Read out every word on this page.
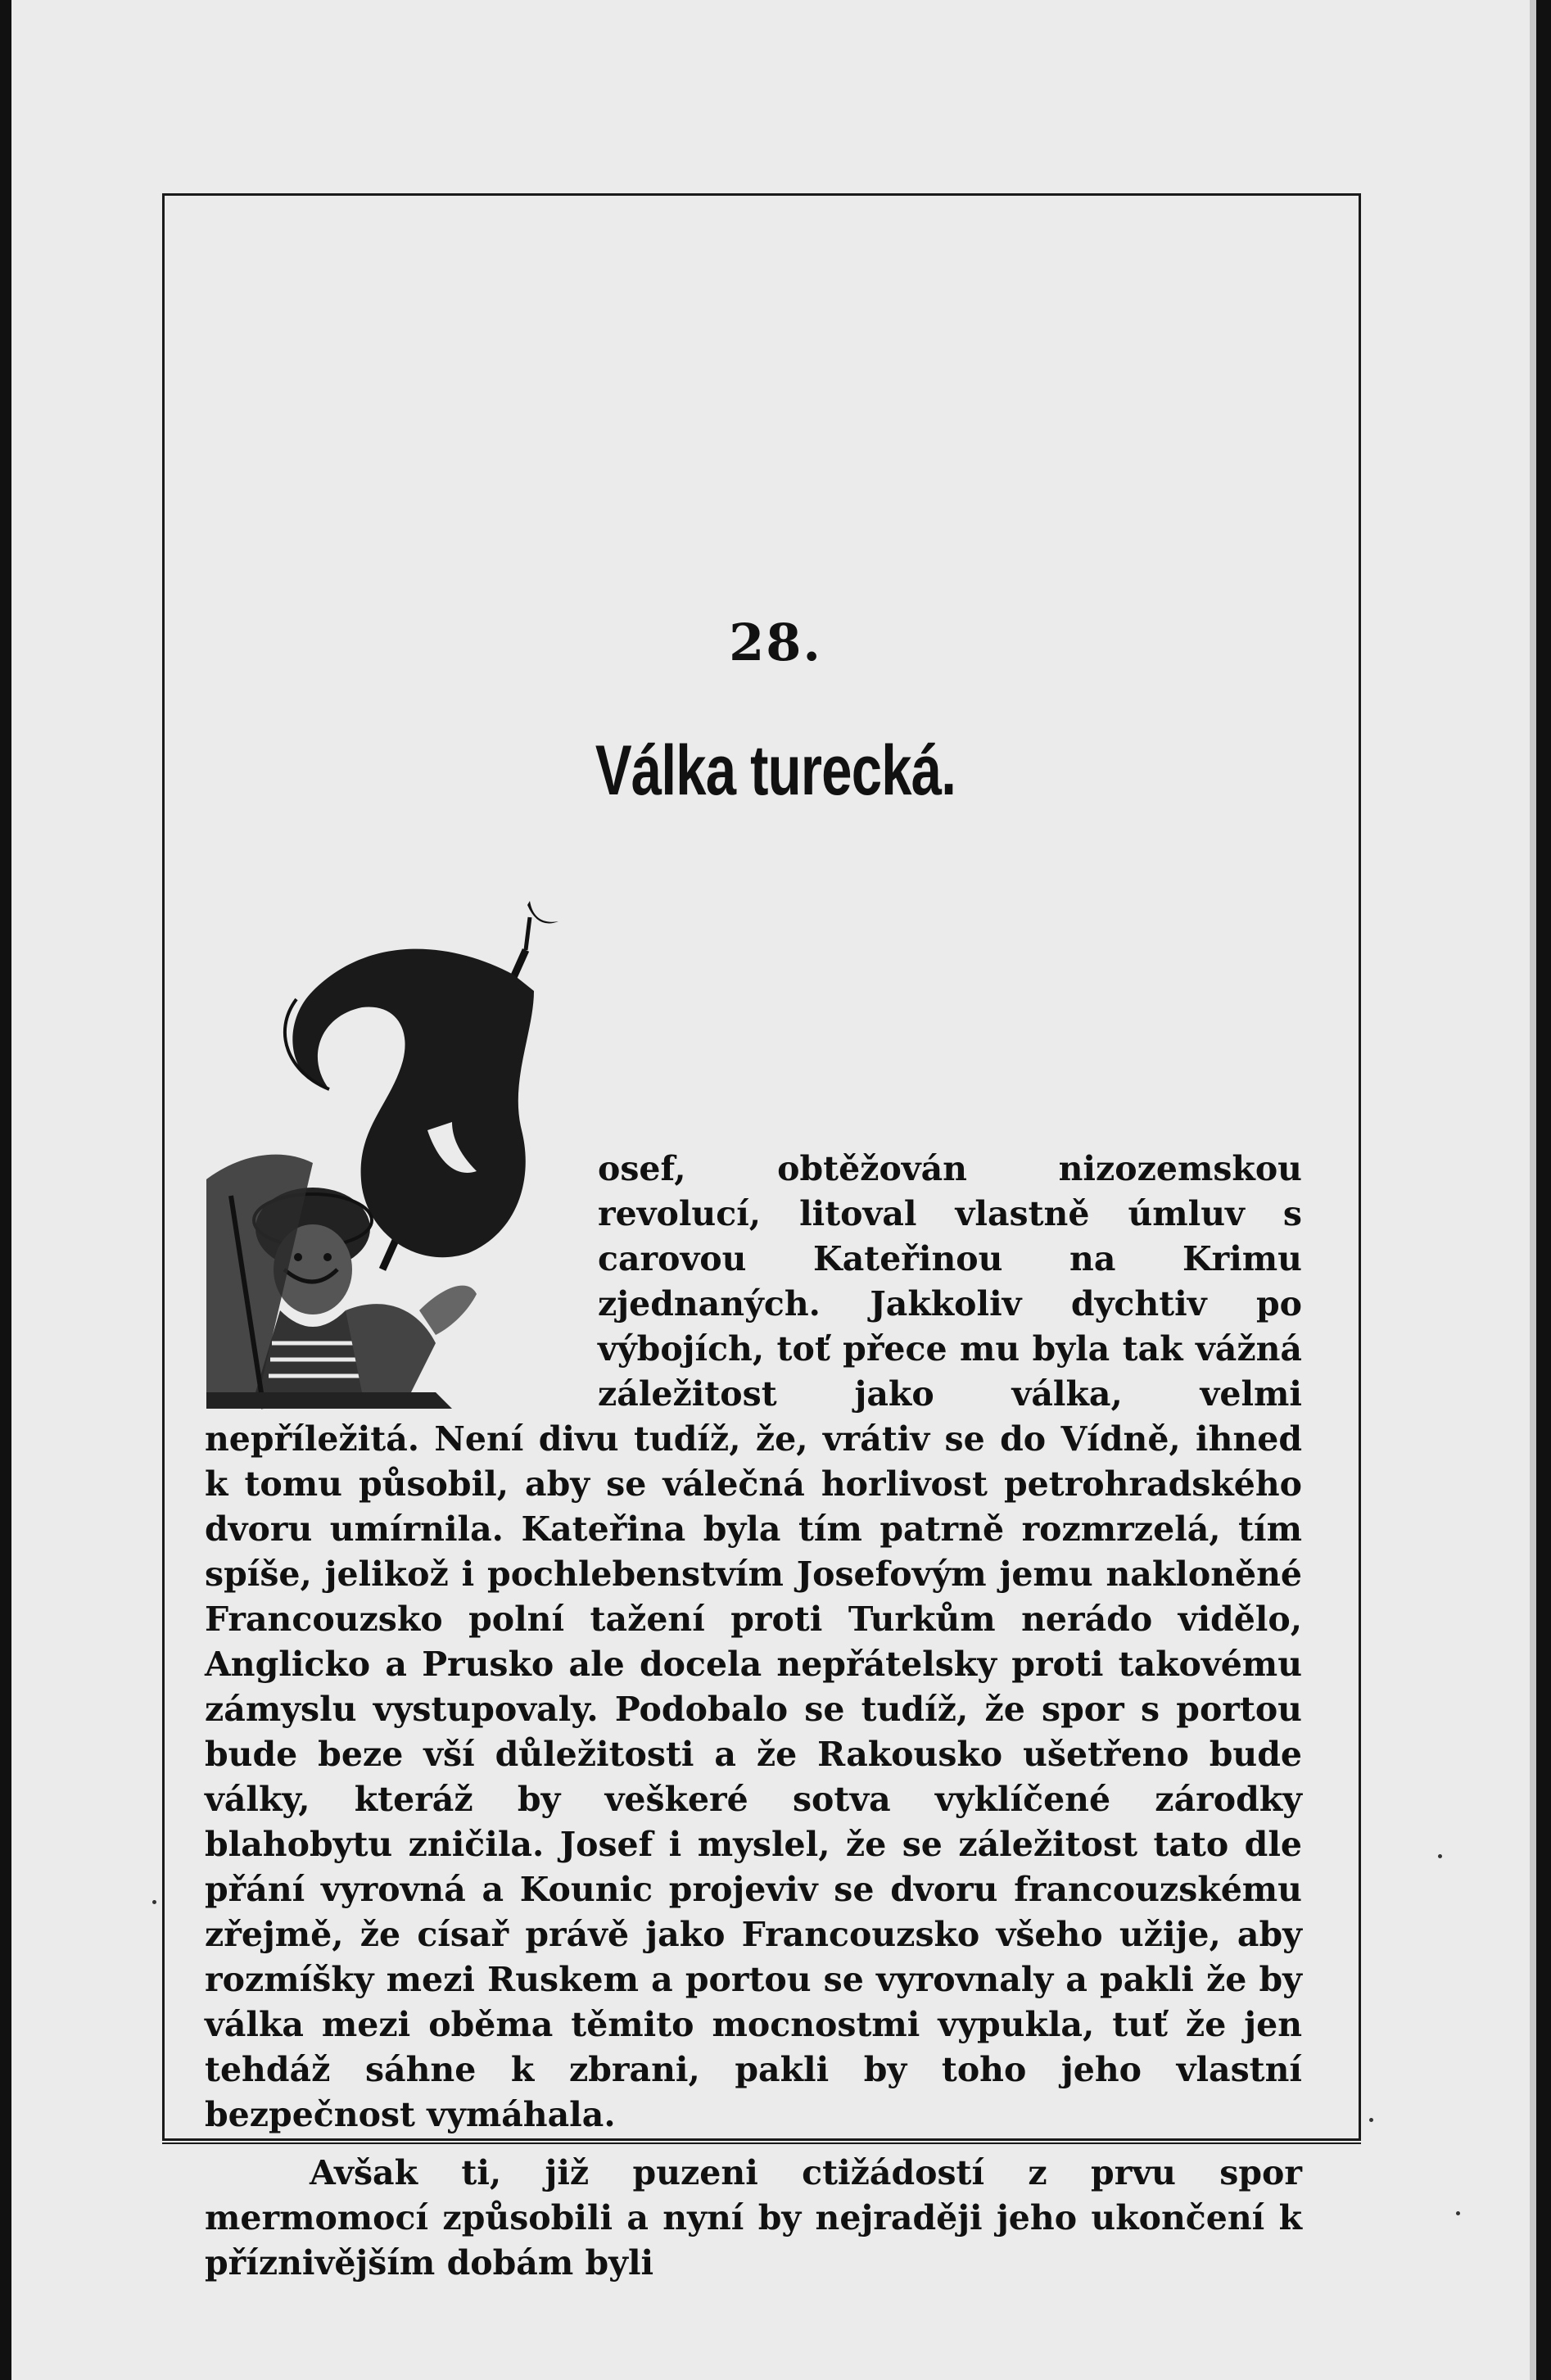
28.
Válka turecká.

osef, obtěžován nizozemskou revolucí, litoval vlastně úmluv s carovou Kateřinou na Krimu zjednaných. Jakkoliv dychtiv po výbojích, toť přece mu byla tak vážná záležitost jako válka, velmi nepříležitá. Není divu tudíž, že, vrátiv se do Vídně, ihned k tomu působil, aby se válečná horlivost petrohradského dvoru umírnila. Kateřina byla tím patrně rozmrzelá, tím spíše, jelikož i pochlebenstvím Josefovým jemu nakloněné Francouzsko polní tažení proti Turkům nerádo vidělo, Anglicko a Prusko ale docela nepřátelsky proti takovému zámyslu vystupovaly. Podobalo se tudíž, že spor s portou bude beze vší důležitosti a že Rakousko ušetřeno bude války, kteráž by veškeré sotva vyklíčené zárodky blahobytu zničila. Josef i myslel, že se záležitost tato dle přání vyrovná a Kounic projeviv se dvoru francouzskému zřejmě, že císař právě jako Francouzsko všeho užije, aby rozmíšky mezi Ruskem a portou se vyrovnaly a pakli že by válka mezi oběma těmito mocnostmi vypukla, tuť že jen tehdáž sáhne k zbrani, pakli by toho jeho vlastní bezpečnost vymáhala.

Avšak ti, již puzeni ctižádostí z prvu spor mermomocí způsobili a nyní by nejraději jeho ukončení k příznivějším dobám byli
